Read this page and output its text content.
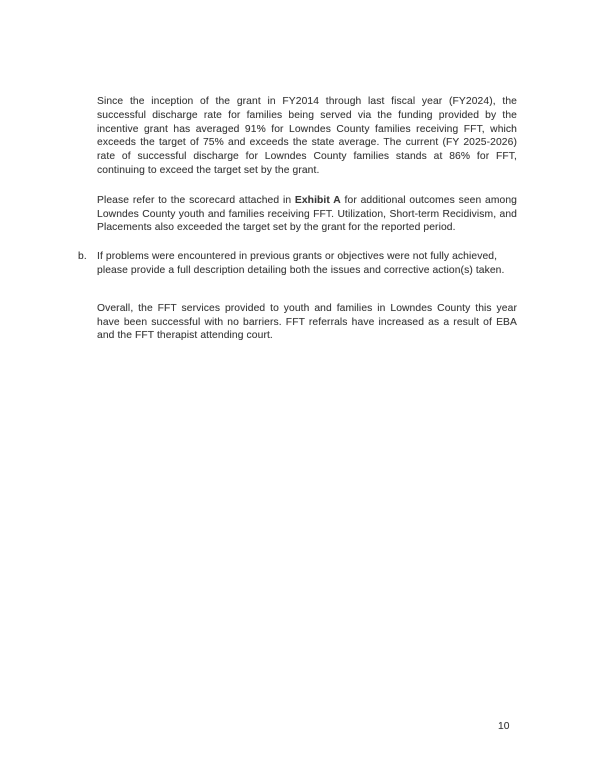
Since the inception of the grant in FY2014 through last fiscal year (FY2024), the successful discharge rate for families being served via the funding provided by the incentive grant has averaged 91% for Lowndes County families receiving FFT, which exceeds the target of 75% and exceeds the state average. The current (FY 2025-2026) rate of successful discharge for Lowndes County families stands at 86% for FFT, continuing to exceed the target set by the grant.

Please refer to the scorecard attached in Exhibit A for additional outcomes seen among Lowndes County youth and families receiving FFT. Utilization, Short-term Recidivism, and Placements also exceeded the target set by the grant for the reported period.

b. If problems were encountered in previous grants or objectives were not fully achieved, please provide a full description detailing both the issues and corrective action(s) taken.

Overall, the FFT services provided to youth and families in Lowndes County this year have been successful with no barriers. FFT referrals have increased as a result of EBA and the FFT therapist attending court.

10
